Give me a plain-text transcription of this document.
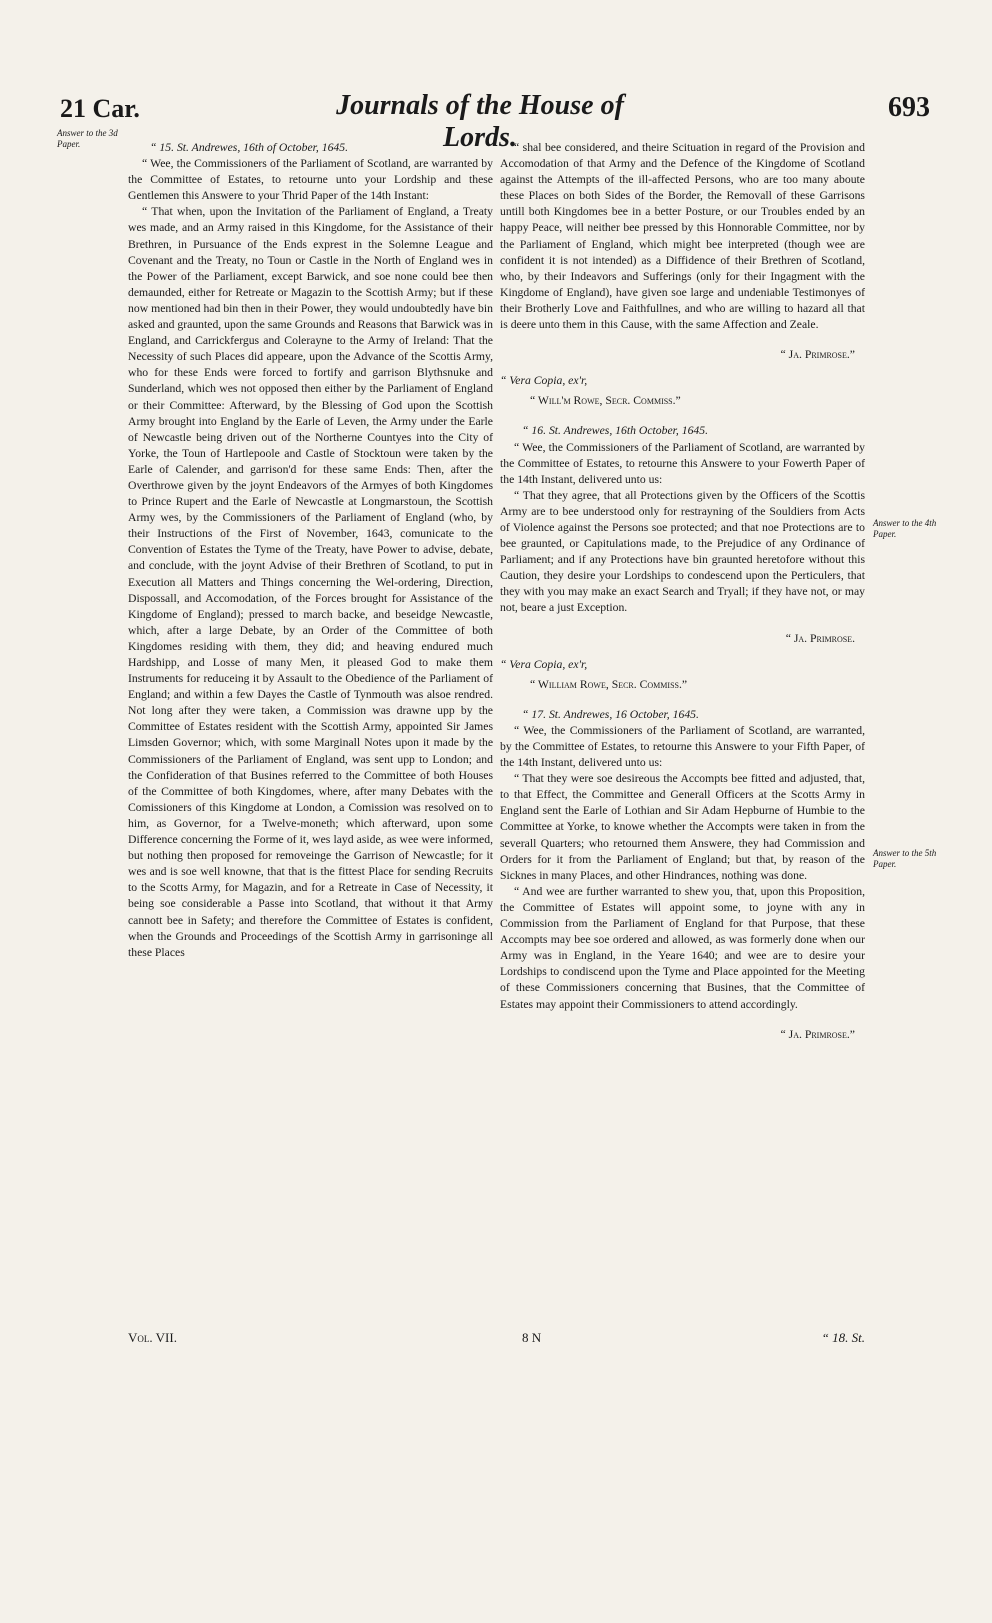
21 Car.	Journals of the House of Lords.
693
Answer to the 3d Paper.
Answer to the 4th Paper.
Answer to the 5th Paper.

“ 15. St. Andrewes, 16th of October, 1645.

“ Wee, the Commissioners of the Parliament of Scotland, are warranted by the Committee of Estates, to retourne unto your Lordship and these Gentlemen this Answere to your Thrid Paper of the 14th Instant:

“ That when, upon the Invitation of the Parliament of England, a Treaty wes made, and an Army raised in this Kingdome, for the Assistance of their Brethren, in Pursuance of the Ends exprest in the Solemne League and Covenant and the Treaty, no Toun or Castle in the North of England wes in the Power of the Parliament, except Barwick, and soe none could bee then demaunded, either for Retreate or Magazin to the Scottish Army; but if these now mentioned had bin then in their Power, they would undoubtedly have bin asked and graunted, upon the same Grounds and Reasons that Barwick was in England, and Carrickfergus and Colerayne to the Army of Ireland: That the Necessity of such Places did appeare, upon the Advance of the Scottis Army, who for these Ends were forced to fortify and garrison Blythsnuke and Sunderland, which wes not opposed then either by the Parliament of England or their Committee: Afterward, by the Blessing of God upon the Scottish Army brought into England by the Earle of Leven, the Army under the Earle of Newcastle being driven out of the Northerne Countyes into the City of Yorke, the Toun of Hartlepoole and Castle of Stocktoun were taken by the Earle of Calender, and garrison'd for these same Ends: Then, after the Overthrowe given by the joynt Endeavors of the Armyes of both Kingdomes to Prince Rupert and the Earle of Newcastle at Longmarstoun, the Scottish Army wes, by the Commissioners of the Parliament of England (who, by their Instructions of the First of November, 1643, comunicate to the Convention of Estates the Tyme of the Treaty, have Power to advise, debate, and conclude, with the joynt Advise of their Brethren of Scotland, to put in Execution all Matters and Things concerning the Wel-ordering, Direction, Dispossall, and Accomodation, of the Forces brought for Assistance of the Kingdome of England); pressed to march backe, and beseidge Newcastle, which, after a large Debate, by an Order of the Committee of both Kingdomes residing with them, they did; and heaving endured much Hardshipp, and Losse of many Men, it pleased God to make them Instruments for reduceing it by Assault to the Obedience of the Parliament of England; and within a few Dayes the Castle of Tynmouth was alsoe rendred. Not long after they were taken, a Commission was drawne upp by the Committee of Estates resident with the Scottish Army, appointed Sir James Limsden Governor; which, with some Marginall Notes upon it made by the Commissioners of the Parliament of England, was sent upp to London; and the Confideration of that Busines referred to the Committee of both Houses of the Committee of both Kingdomes, where, after many Debates with the Comissioners of this Kingdome at London, a Comission was resolved on to him, as Governor, for a Twelve-moneth; which afterward, upon some Difference concerning the Forme of it, wes layd aside, as wee were informed, but nothing then proposed for removeinge the Garrison of Newcastle; for it wes and is soe well knowne, that that is the fittest Place for sending Recruits to the Scotts Army, for Magazin, and for a Retreate in Case of Necessity, it being soe considerable a Passe into Scotland, that without it that Army cannott bee in Safety; and therefore the Committee of Estates is confident, when the Grounds and Proceedings of the Scottish Army in garrisoninge all these Places

“ shal bee considered, and theire Scituation in regard of the Provision and Accomodation of that Army and the Defence of the Kingdome of Scotland against the Attempts of the ill-affected Persons, who are too many aboute these Places on both Sides of the Border, the Removall of these Garrisons untill both Kingdomes bee in a better Posture, or our Troubles ended by an happy Peace, will neither bee pressed by this Honnorable Committee, nor by the Parliament of England, which might bee interpreted (though wee are confident it is not intended) as a Diffidence of their Brethren of Scotland, who, by their Indeavors and Sufferings (only for their Ingagment with the Kingdome of England), have given soe large and undeniable Testimonyes of their Brotherly Love and Faithfullnes, and who are willing to hazard all that is deere unto them in this Cause, with the same Affection and Zeale.

“ Ja. Primrose.”

“ Vera Copia, ex'r,

“ Will'm Rowe, Secr. Commiss.”

“ 16. St. Andrewes, 16th October, 1645.

“ Wee, the Commissioners of the Parliament of Scotland, are warranted by the Committee of Estates, to retourne this Answere to your Fowerth Paper of the 14th Instant, delivered unto us:

“ That they agree, that all Protections given by the Officers of the Scottis Army are to bee understood only for restrayning of the Souldiers from Acts of Violence against the Persons soe protected; and that noe Protections are to bee graunted, or Capitulations made, to the Prejudice of any Ordinance of Parliament; and if any Protections have bin graunted heretofore without this Caution, they desire your Lordships to condescend upon the Perticulers, that they with you may make an exact Search and Tryall; if they have not, or may not, beare a just Exception.

“ Ja. Primrose.

“ Vera Copia, ex'r,

“ William Rowe, Secr. Commiss.”

“ 17. St. Andrewes, 16 October, 1645.

“ Wee, the Commissioners of the Parliament of Scotland, are warranted, by the Committee of Estates, to retourne this Answere to your Fifth Paper, of the 14th Instant, delivered unto us:

“ That they were soe desireous the Accompts bee fitted and adjusted, that, to that Effect, the Committee and Generall Officers at the Scotts Army in England sent the Earle of Lothian and Sir Adam Hepburne of Humbie to the Committee at Yorke, to knowe whether the Accompts were taken in from the severall Quarters; who retourned them Answere, they had Commission and Orders for it from the Parliament of England; but that, by reason of the Sicknes in many Places, and other Hindrances, nothing was done.

“ And wee are further warranted to shew you, that, upon this Proposition, the Committee of Estates will appoint some, to joyne with any in Commission from the Parliament of England for that Purpose, that these Accompts may bee soe ordered and allowed, as was formerly done when our Army was in England, in the Yeare 1640; and wee are to desire your Lordships to condiscend upon the Tyme and Place appointed for the Meeting of these Commissioners concerning that Busines, that the Committee of Estates may appoint their Commissioners to attend accordingly.

“ Ja. Primrose.”

Vol. VII.	8 N	“ 18. St.
